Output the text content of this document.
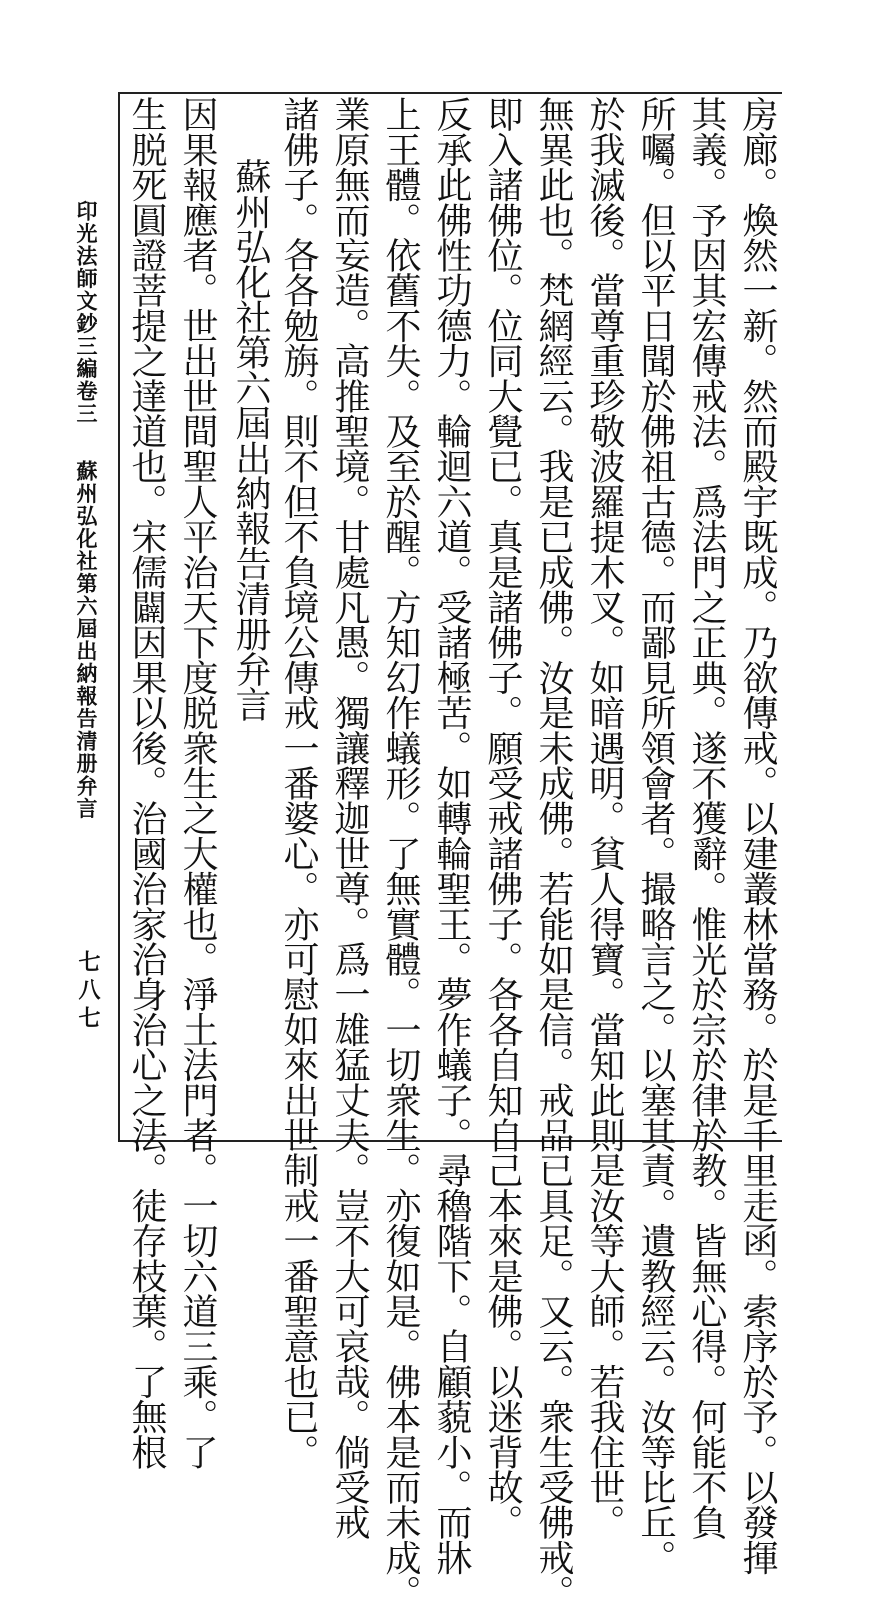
印光法師文鈔三編卷三
蘇州弘化社第六屆出納報告清册弁言
七八七	房廊。煥然一新。然而殿宇既成。乃欲傳戒。以建叢林當務。於是千里走函。索序於予。以發揮
其義。予因其宏傳戒法。爲法門之正典。遂不獲辭。惟光於宗於律於教。皆無心得。何能不負
所囑。但以平日聞於佛祖古德。而鄙見所領會者。撮略言之。以塞其責。遺教經云。汝等比丘。
於我滅後。當尊重珍敬波羅提木叉。如暗遇明。貧人得寶。當知此則是汝等大師。若我住世。
無異此也。梵網經云。我是已成佛。汝是未成佛。若能如是信。戒品已具足。又云。衆生受佛戒。
即入諸佛位。位同大覺已。真是諸佛子。願受戒諸佛子。各各自知自己本來是佛。以迷背故。
反承此佛性功德力。輪迴六道。受諸極苦。如轉輪聖王。夢作蟻子。尋穭階下。自顧藐小。而牀
上王體。依舊不失。及至於醒。方知幻作蟻形。了無實體。一切衆生。亦復如是。佛本是而未成。
業原無而妄造。高推聖境。甘處凡愚。獨讓釋迦世尊。爲一雄猛丈夫。豈不大可哀哉。倘受戒
諸佛子。各各勉旃。則不但不負境公傳戒一番婆心。亦可慰如來出世制戒一番聖意也已。
蘇州弘化社第六屆出納報告清册弁言
因果報應者。世出世間聖人平治天下度脱衆生之大權也。淨土法門者。一切六道三乘。了
生脱死圓證菩提之達道也。宋儒闢因果以後。治國治家治身治心之法。徒存枝葉。了無根
